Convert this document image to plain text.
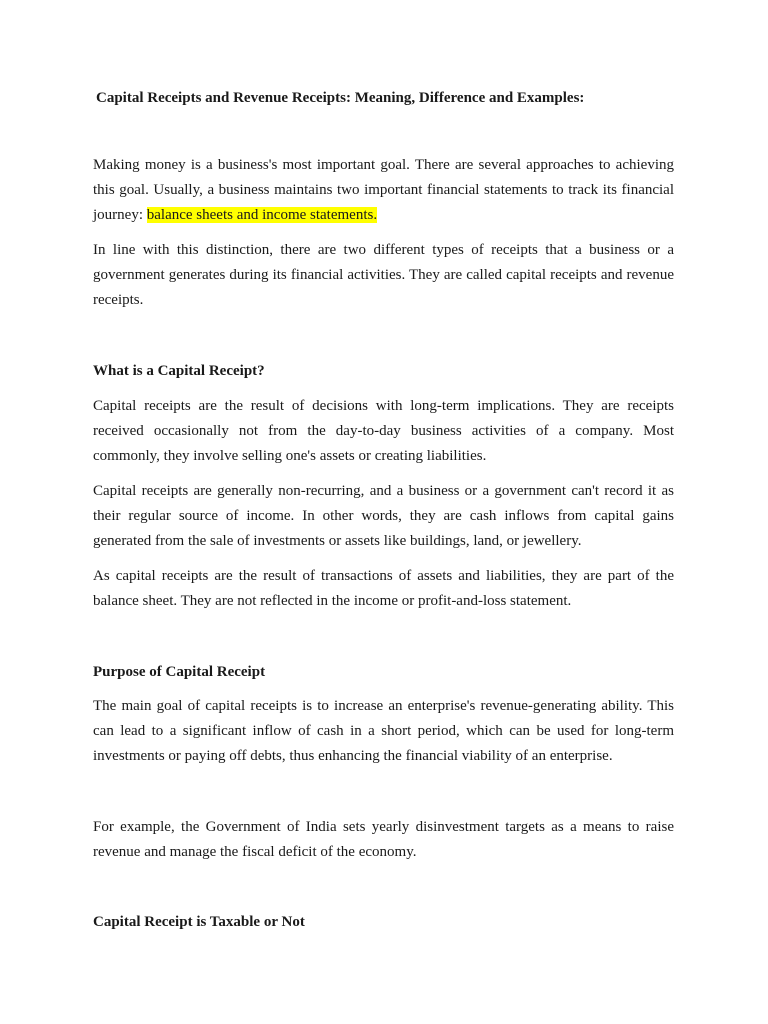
Capital Receipts and Revenue Receipts: Meaning, Difference and Examples:

Making money is a business's most important goal. There are several approaches to achieving this goal. Usually, a business maintains two important financial statements to track its financial journey: balance sheets and income statements.

In line with this distinction, there are two different types of receipts that a business or a government generates during its financial activities. They are called capital receipts and revenue receipts.

What is a Capital Receipt?

Capital receipts are the result of decisions with long-term implications. They are receipts received occasionally not from the day-to-day business activities of a company. Most commonly, they involve selling one's assets or creating liabilities.

Capital receipts are generally non-recurring, and a business or a government can't record it as their regular source of income. In other words, they are cash inflows from capital gains generated from the sale of investments or assets like buildings, land, or jewellery.

As capital receipts are the result of transactions of assets and liabilities, they are part of the balance sheet. They are not reflected in the income or profit-and-loss statement.

Purpose of Capital Receipt

The main goal of capital receipts is to increase an enterprise's revenue-generating ability. This can lead to a significant inflow of cash in a short period, which can be used for long-term investments or paying off debts, thus enhancing the financial viability of an enterprise.

For example, the Government of India sets yearly disinvestment targets as a means to raise revenue and manage the fiscal deficit of the economy.

Capital Receipt is Taxable or Not
